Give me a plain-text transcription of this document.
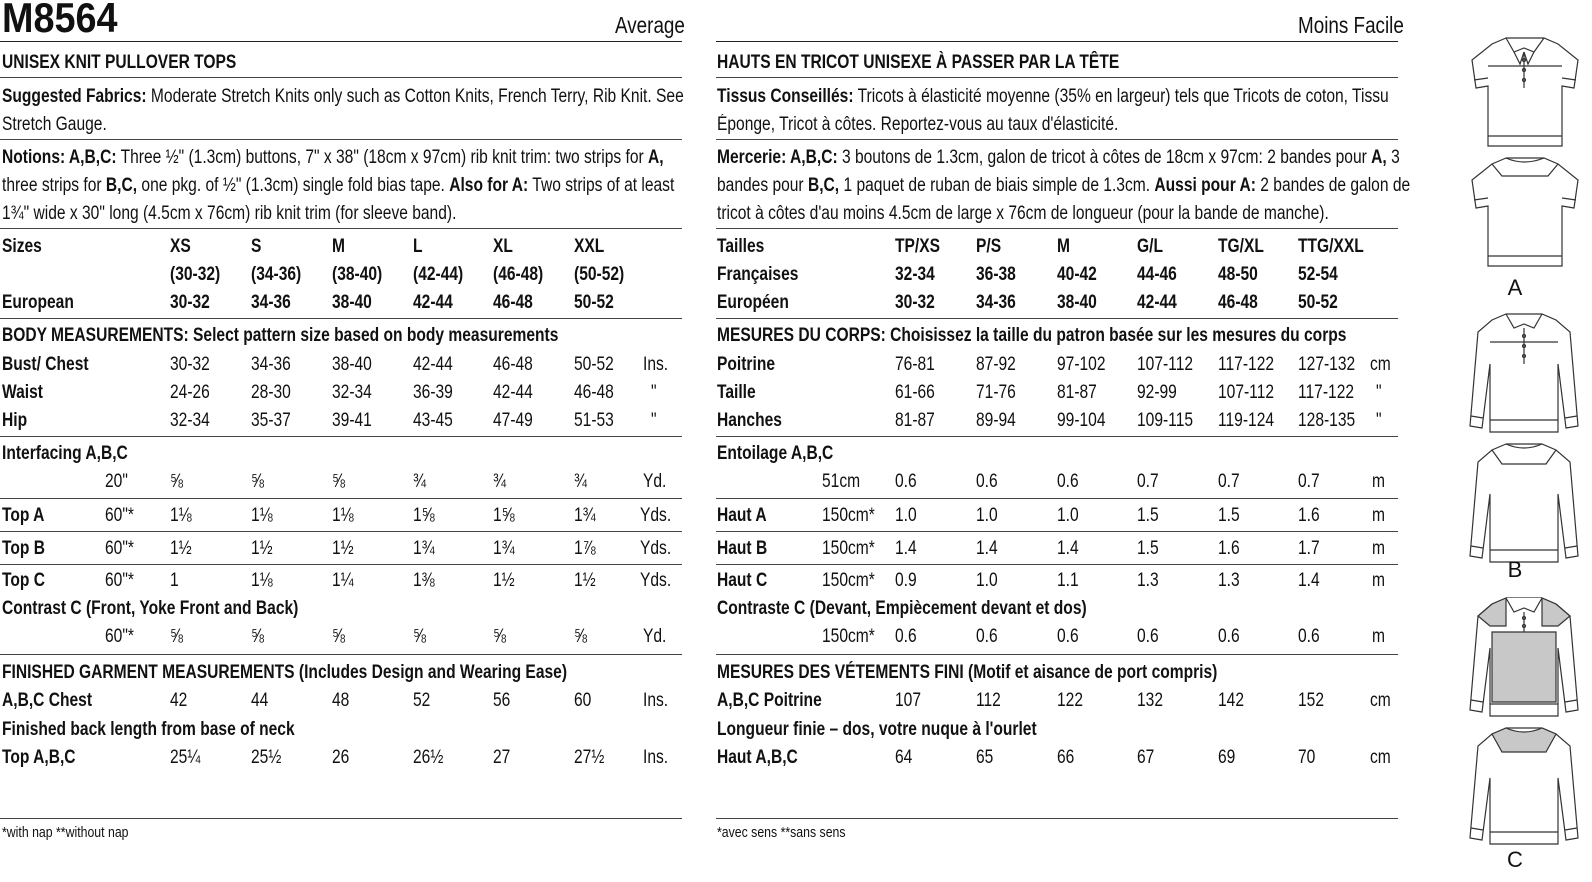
M8564	Average	Moins Facile
UNISEX KNIT PULLOVER TOPS
Suggested Fabrics: Moderate Stretch Knits only such as Cotton Knits, French Terry, Rib Knit. See
Stretch Gauge.
Notions: A,B,C: Three ½" (1.3cm) buttons, 7" x 38" (18cm x 97cm) rib knit trim: two strips for A,
three strips for B,C, one pkg. of ½" (1.3cm) single fold bias tape. Also for A: Two strips of at least
1¾" wide x 30" long (4.5cm x 76cm) rib knit trim (for sleeve band).
Sizes	XS	S	M	L	XL	XXL
(30-32) (34-36) (38-40) (42-44) (46-48) (50-52)
European	30-32 34-36 38-40 42-44 46-48 50-52
BODY MEASUREMENTS: Select pattern size based on body measurements
Bust/ Chest	30-32 34-36 38-40 42-44 46-48 50-52 Ins.
Waist	24-26 28-30 32-34 36-39 42-44 46-48 "
Hip	32-34 35-37 39-41 43-45 47-49 51-53 "
Interfacing A,B,C
20" ⅝	⅝	⅝	¾	¾	¾	Yd.
Top A	60"* 1⅛	1⅛	1⅛	1⅝	1⅝	1¾ Yds.
Top B	60"* 1½	1½	1½	1¾	1¾	1⅞ Yds.
Top C	60"* 1	1⅛	1¼	1⅜	1½	1½ Yds.
Contrast C (Front, Yoke Front and Back)
60"* ⅝	⅝	⅝	⅝	⅝	⅝	Yd.
FINISHED GARMENT MEASUREMENTS (Includes Design and Wearing Ease)
A,B,C Chest	42	44	48	52	56	60	Ins.
Finished back length from base of neck
Top A,B,C	25¼	25½	26	26½	27	27½ Ins.
*with nap **without nap
HAUTS EN TRICOT UNISEXE À PASSER PAR LA TÊTE
Tissus Conseillés: Tricots à élasticité moyenne (35% en largeur) tels que Tricots de coton, Tissu
Éponge, Tricot à côtes. Reportez-vous au taux d'élasticité.
Mercerie: A,B,C: 3 boutons de 1.3cm, galon de tricot à côtes de 18cm x 97cm: 2 bandes pour A, 3
bandes pour B,C, 1 paquet de ruban de biais simple de 1.3cm. Aussi pour A: 2 bandes de galon de
tricot à côtes d'au moins 4.5cm de large x 76cm de longueur (pour la bande de manche).
Tailles	TP/XS P/S	M	G/L	TG/XL TTG/XXL
Françaises	32-34 36-38 40-42 44-46 48-50 52-54
Européen	30-32 34-36 38-40 42-44 46-48 50-52
MESURES DU CORPS: Choisissez la taille du patron basée sur les mesures du corps
Poitrine	76-81 87-92 97-102 107-112 117-122 127-132 cm
Taille	61-66 71-76 81-87 92-99 107-112 117-122 "
Hanches	81-87 89-94 99-104 109-115 119-124 128-135 "
Entoilage A,B,C
51cm 0.6	0.6	0.6	0.7	0.7	0.7	m
Haut A	150cm* 1.0	1.0	1.0	1.5	1.5	1.6	m
Haut B	150cm* 1.4	1.4	1.4	1.5	1.6	1.7	m
Haut C	150cm* 0.9	1.0	1.1	1.3	1.3	1.4	m
Contraste C (Devant, Empiècement devant et dos)
150cm* 0.6	0.6	0.6	0.6	0.6	0.6	m
MESURES DES VÉTEMENTS FINI (Motif et aisance de port compris)
A,B,C Poitrine	107	112	122	132	142	152 cm
Longueur finie – dos, votre nuque à l'ourlet
Haut A,B,C	64	65	66	67	69	70	cm
*avec sens **sans sens
A
B
C
